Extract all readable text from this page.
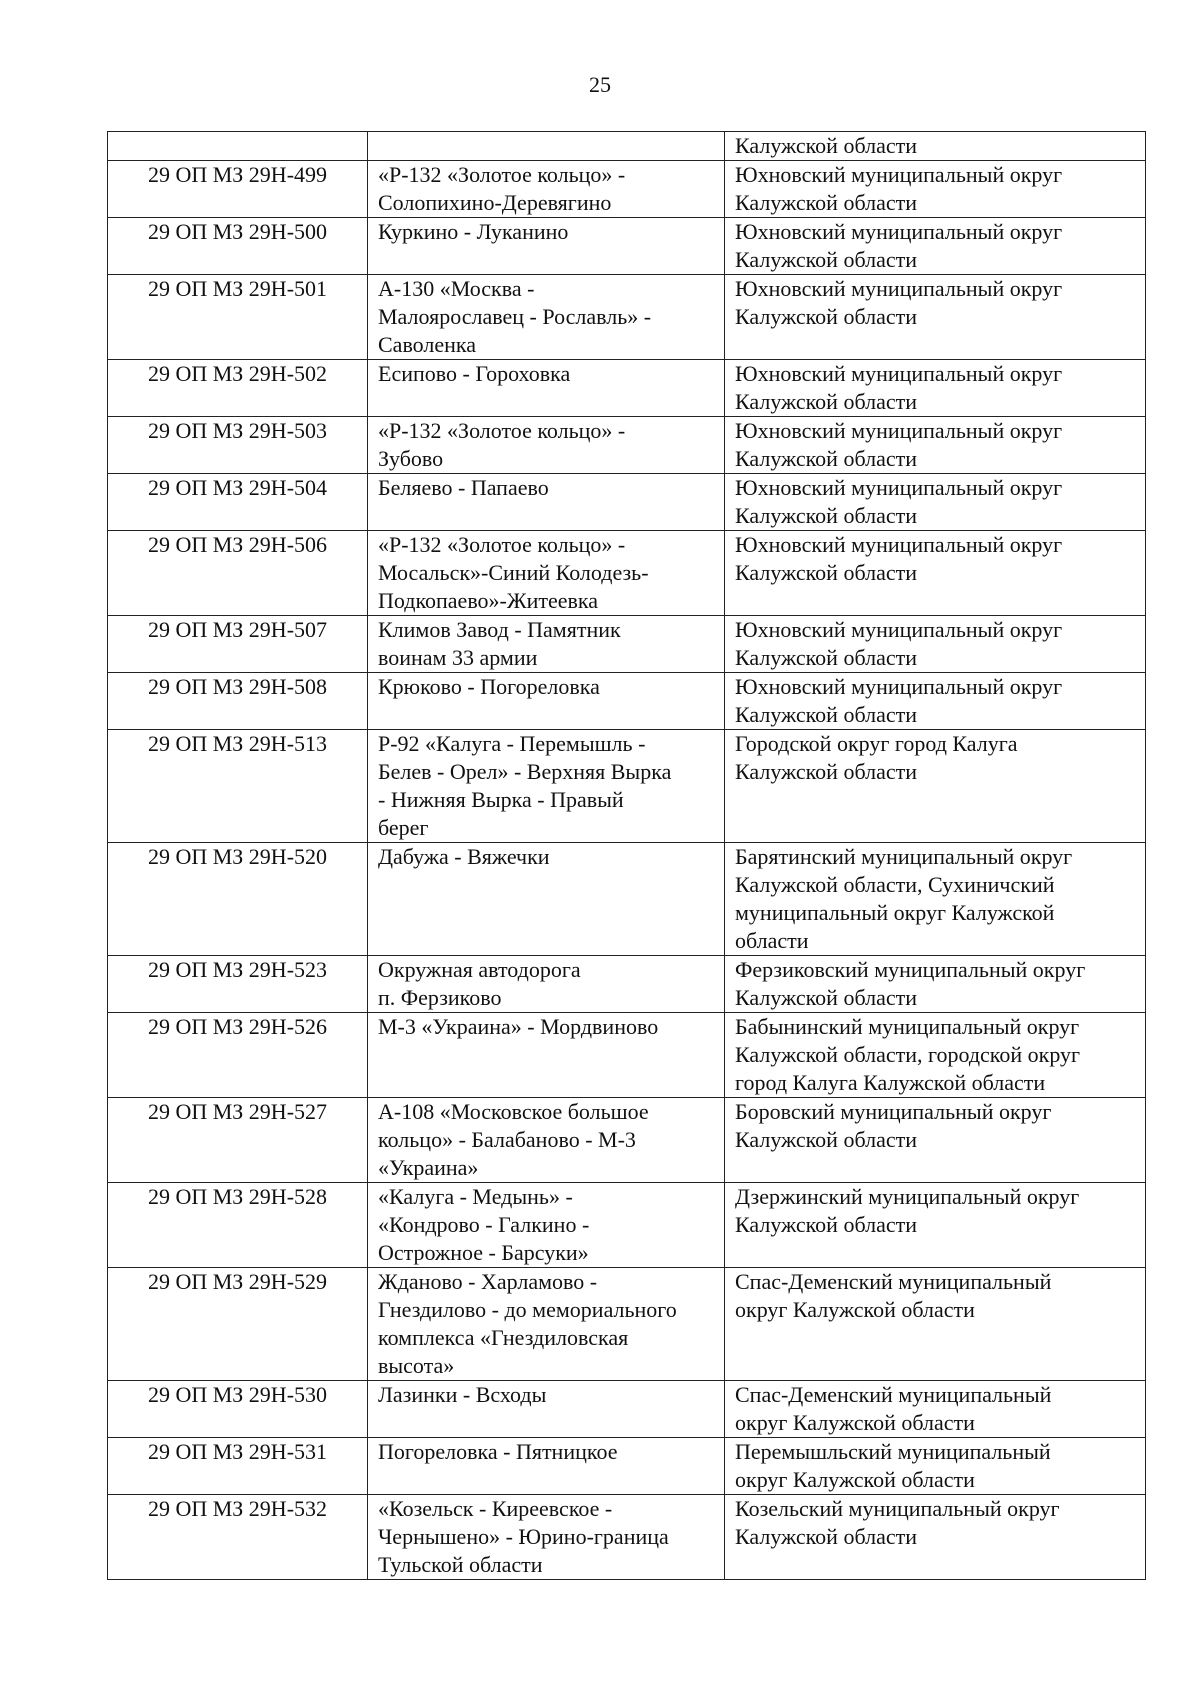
25
		Калужской области
29 ОП МЗ 29Н-499	«Р-132 «Золотое кольцо» -
Солопихино-Деревягино	Юхновский муниципальный округ
Калужской области
29 ОП МЗ 29Н-500	Куркино - Луканино	Юхновский муниципальный округ
Калужской области
29 ОП МЗ 29Н-501	А-130 «Москва -
Малоярославец - Рославль» -
Саволенка	Юхновский муниципальный округ
Калужской области
29 ОП МЗ 29Н-502	Есипово - Гороховка	Юхновский муниципальный округ
Калужской области
29 ОП МЗ 29Н-503	«Р-132 «Золотое кольцо» -
Зубово	Юхновский муниципальный округ
Калужской области
29 ОП МЗ 29Н-504	Беляево - Папаево	Юхновский муниципальный округ
Калужской области
29 ОП МЗ 29Н-506	«Р-132 «Золотое кольцо» -
Мосальск»-Синий Колодезь-
Подкопаево»-Житеевка	Юхновский муниципальный округ
Калужской области
29 ОП МЗ 29Н-507	Климов Завод - Памятник
воинам 33 армии	Юхновский муниципальный округ
Калужской области
29 ОП МЗ 29Н-508	Крюково - Погореловка	Юхновский муниципальный округ
Калужской области
29 ОП МЗ 29Н-513	Р-92 «Калуга - Перемышль -
Белев - Орел» - Верхняя Вырка
- Нижняя Вырка - Правый
берег	Городской округ город Калуга
Калужской области
29 ОП МЗ 29Н-520	Дабужа - Вяжечки	Барятинский муниципальный округ
Калужской области, Сухиничский
муниципальный округ Калужской
области
29 ОП МЗ 29Н-523	Окружная автодорога
п. Ферзиково	Ферзиковский муниципальный округ
Калужской области
29 ОП МЗ 29Н-526	М-3 «Украина» - Мордвиново	Бабынинский муниципальный округ
Калужской области, городской округ
город Калуга Калужской области
29 ОП МЗ 29Н-527	А-108 «Московское большое
кольцо» - Балабаново - М-3
«Украина»	Боровский муниципальный округ
Калужской области
29 ОП МЗ 29Н-528	«Калуга - Медынь» -
«Кондрово - Галкино -
Острожное - Барсуки»	Дзержинский муниципальный округ
Калужской области
29 ОП МЗ 29Н-529	Жданово - Харламово -
Гнездилово - до мемориального
комплекса «Гнездиловская
высота»	Спас-Деменский муниципальный
округ Калужской области
29 ОП МЗ 29Н-530	Лазинки - Всходы	Спас-Деменский муниципальный
округ Калужской области
29 ОП МЗ 29Н-531	Погореловка - Пятницкое	Перемышльский муниципальный
округ Калужской области
29 ОП МЗ 29Н-532	«Козельск - Киреевское -
Чернышено» - Юрино-граница
Тульской области	Козельский муниципальный округ
Калужской области
